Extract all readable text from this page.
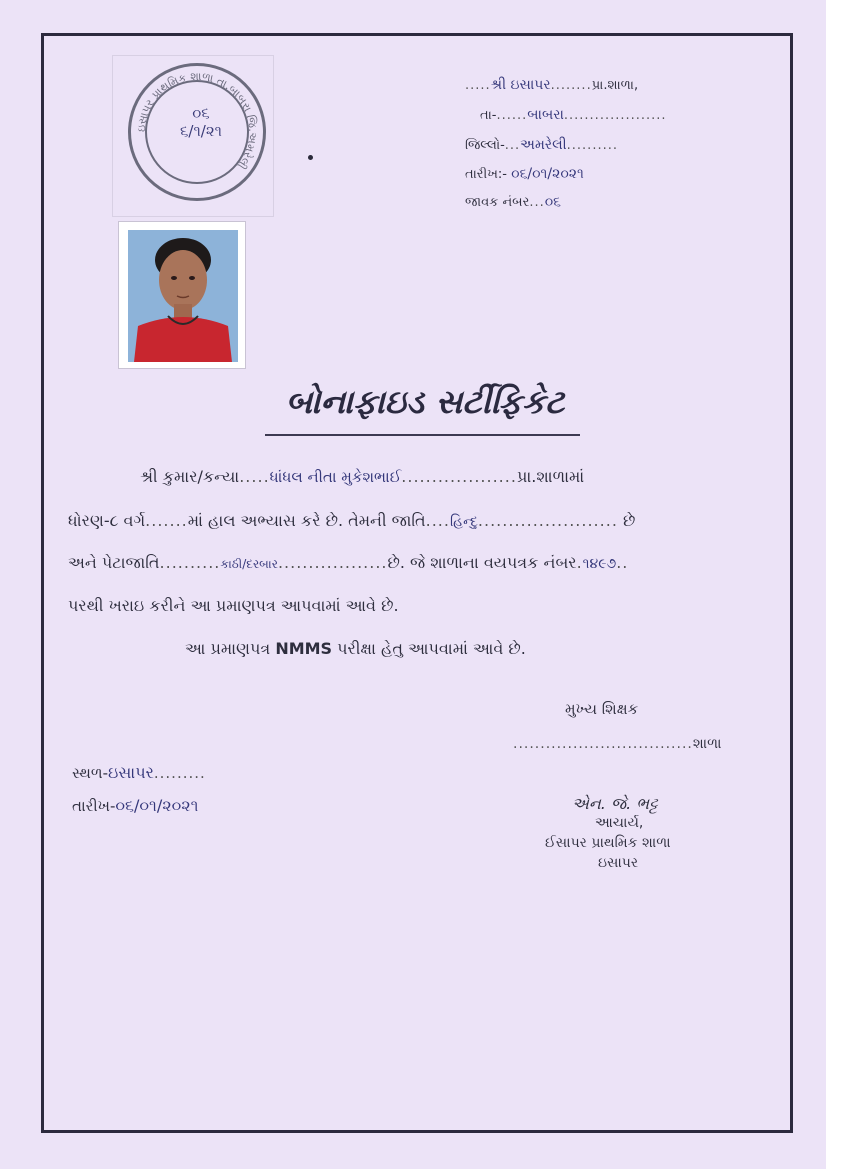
ઇસાપર પ્રાથમિક શાળા તા.બાબરા જિ.અમરેલી
૦૬
૬/૧/૨૧
.....શ્રી ઇસાપર........પ્રા.શાળા,
તા-......બાબરા....................
જિલ્લો-...અમરેલી..........
તારીખ:- ૦૬/૦૧/૨૦૨૧
જાવક નંબર...૦૬
બોનાફાઇડ સર્ટીફિકેટ
શ્રી કુમાર/કન્યા.....ધાંધલ નીતા મુકેશભાઈ...................પ્રા.શાળામાં
ધોરણ-૮ વર્ગ.......માં હાલ અભ્યાસ કરે છે. તેમની જાતિ....હિન્દુ....................... છે
અને પેટાજાતિ..........કાઠી/દરબાર..................છે. જે શાળાના વયપત્રક નંબર.૧૪૯૭..
પરથી ખરાઇ કરીને આ પ્રમાણપત્ર આપવામાં આવે છે.
આ પ્રમાણપત્ર NMMS પરીક્ષા હેતુ આપવામાં આવે છે.
મુખ્ય શિક્ષક
.................................શાળા
સ્થળ-ઇસાપર.........
તારીખ-૦૬/૦૧/૨૦૨૧	એન. જે. ભટ્ટ
આચાર્ય,
ઈસાપર પ્રાથમિક શાળા
ઇસાપર
